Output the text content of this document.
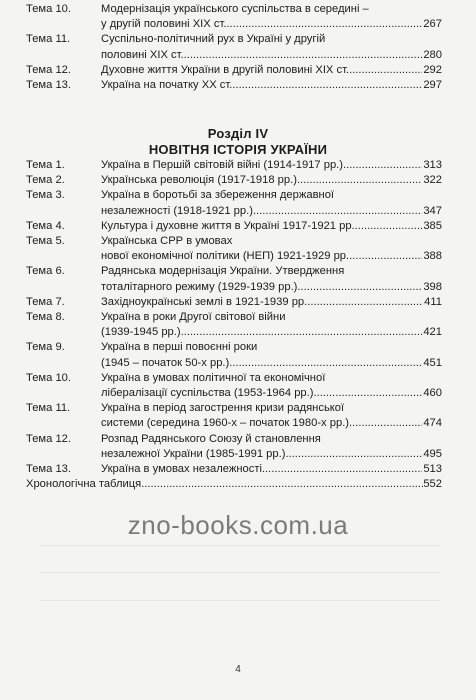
Тема 10.	Модернізація українського суспільства в середині –
у другій половині XIX ст. .....	267
Тема 11.	Суспільно-політичний рух в Україні у другій
половині XIX ст. .....	280
Тема 12.	Духовне життя України в другій половині XIX ст. .....	292
Тема 13.	Україна на початку XX ст. .....	297
Розділ IV
НОВІТНЯ ІСТОРІЯ УКРАЇНИ
Тема 1.	Україна в Першій світовій війні (1914-1917 рр.) .....	313
Тема 2.	Українська революція (1917-1918 рр.) .....	322
Тема 3.	Україна в боротьбі за збереження державної
незалежності (1918-1921 рр.) .....	347
Тема 4.	Культура і духовне життя в Україні 1917-1921 рр. .....	385
Тема 5.	Українська СРР в умовах
нової економічної політики (НЕП) 1921-1929 рр. .....	388
Тема 6.	Радянська модернізація України. Утвердження
тоталітарного режиму (1929-1939 рр.) .....	398
Тема 7.	Західноукраїнські землі в 1921-1939 рр. .....	411
Тема 8.	Україна в роки Другої світової війни
(1939-1945 рр.) .....	421
Тема 9.	Україна в перші повоєнні роки
(1945 – початок 50-х рр.) .....	451
Тема 10.	Україна в умовах політичної та економічної
лібералізації суспільства (1953-1964 рр.) .....	460
Тема 11.	Україна в період загострення кризи радянської
системи (середина 1960-х – початок 1980-х рр.) .....	474
Тема 12.	Розпад Радянського Союзу й становлення
незалежної України (1985-1991 рр.) .....	495
Тема 13.	Україна в умовах незалежності .....	513
Хронологічна таблиця .....	552
zno-books.com.ua
4
